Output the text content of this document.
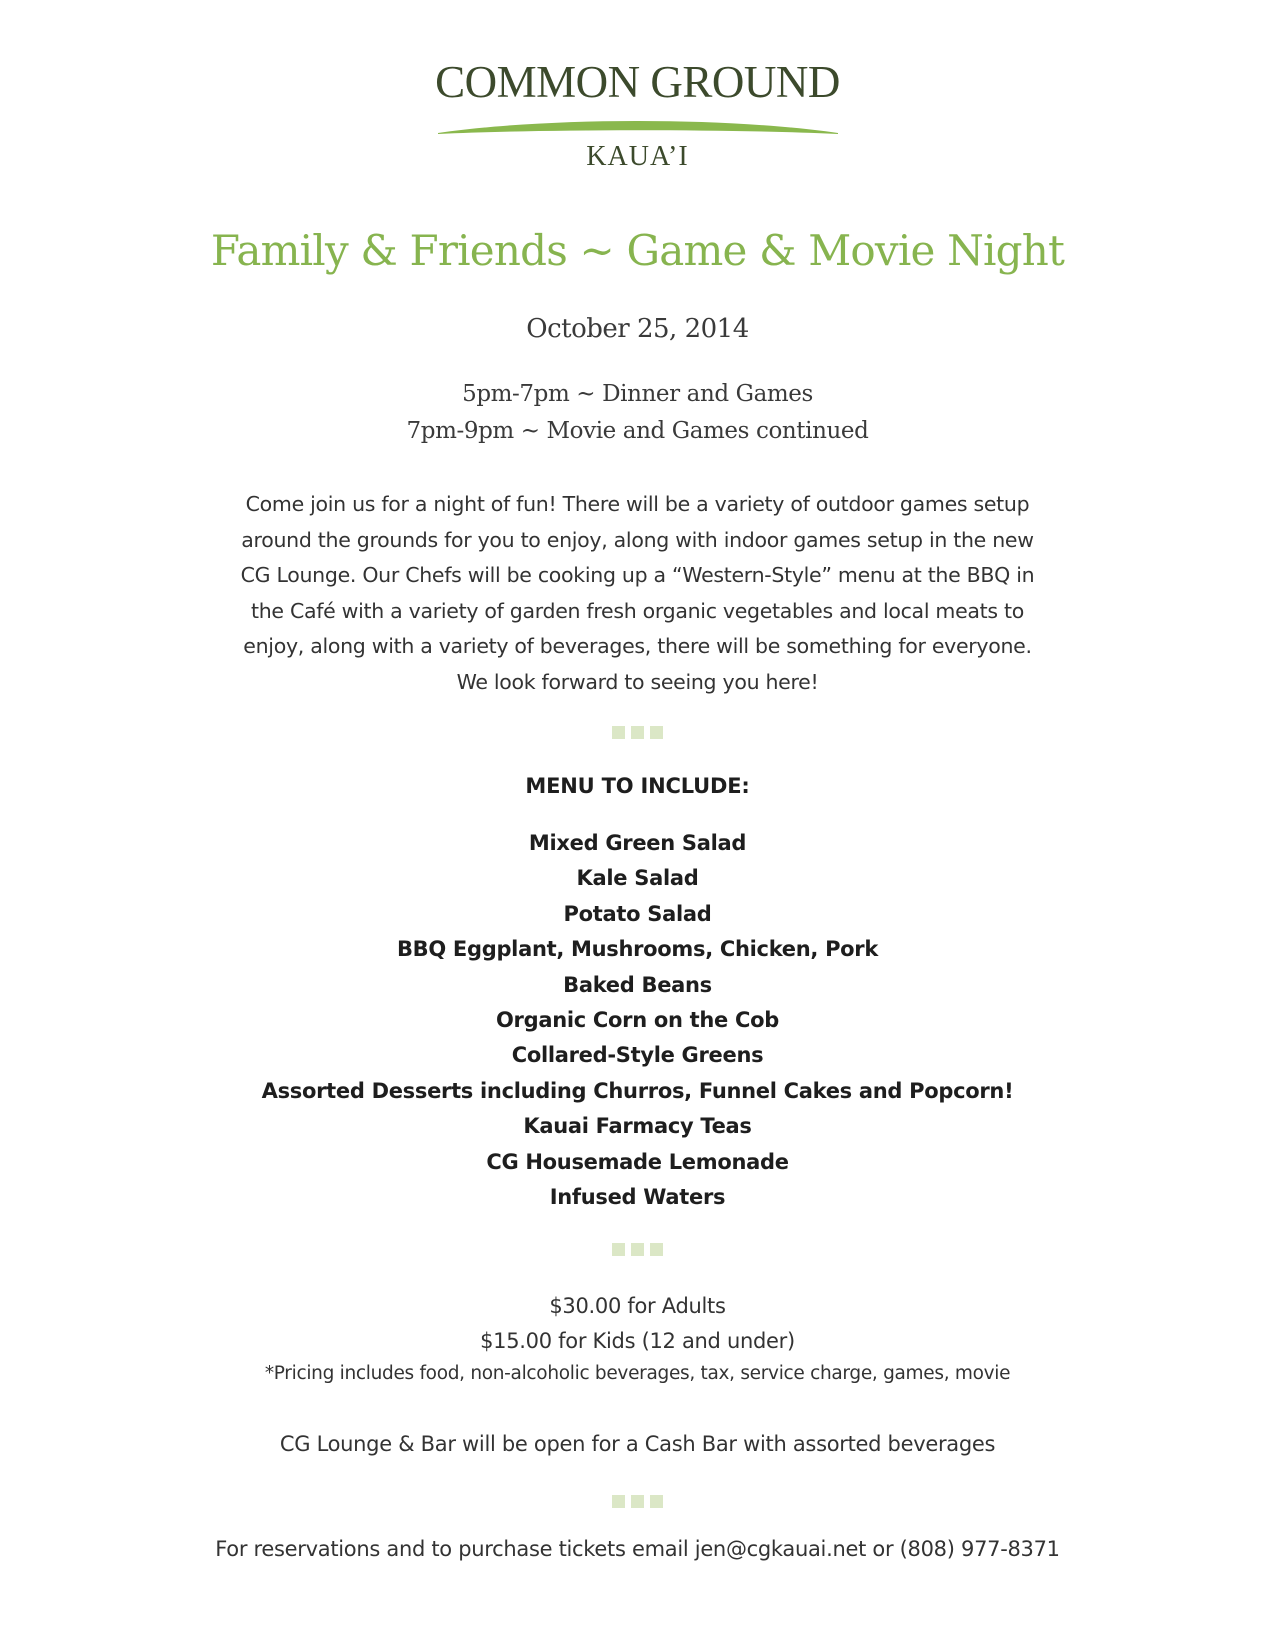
COMMON GROUND
KAUA’I
Family & Friends ~ Game & Movie Night
October 25, 2014
5pm-7pm ~ Dinner and Games
7pm-9pm ~ Movie and Games continued
Come join us for a night of fun! There will be a variety of outdoor games setup
around the grounds for you to enjoy, along with indoor games setup in the new
CG Lounge. Our Chefs will be cooking up a “Western-Style” menu at the BBQ in
the Café with a variety of garden fresh organic vegetables and local meats to
enjoy, along with a variety of beverages, there will be something for everyone.
We look forward to seeing you here!
MENU TO INCLUDE:
Mixed Green Salad
Kale Salad
Potato Salad
BBQ Eggplant, Mushrooms, Chicken, Pork
Baked Beans
Organic Corn on the Cob
Collared-Style Greens
Assorted Desserts including Churros, Funnel Cakes and Popcorn!
Kauai Farmacy Teas
CG Housemade Lemonade
Infused Waters
$30.00 for Adults
$15.00 for Kids (12 and under)
*Pricing includes food, non-alcoholic beverages, tax, service charge, games, movie
CG Lounge & Bar will be open for a Cash Bar with assorted beverages
For reservations and to purchase tickets email jen@cgkauai.net or (808) 977-8371
